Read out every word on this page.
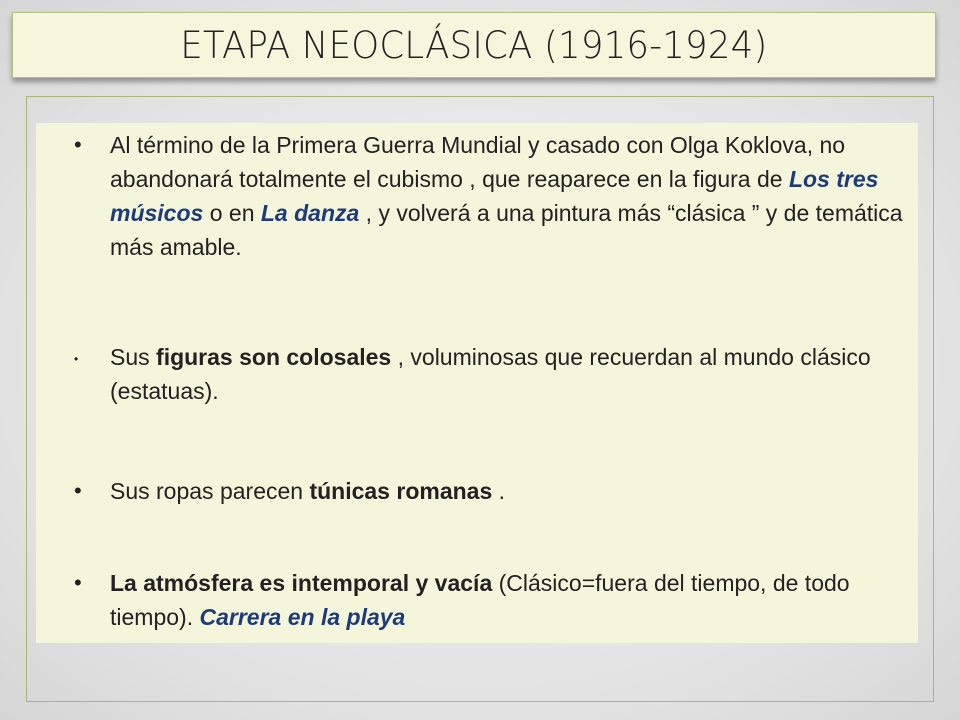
ETAPA NEOCLÁSICA (1916-1924)
•	Al término de la Primera Guerra Mundial y casado con Olga Koklova, no abandonará totalmente el cubismo , que reaparece en la figura de Los tres músicos o en La danza , y volverá a una pintura más “clásica ” y de temática más amable.
•	Sus figuras son colosales , voluminosas que recuerdan al mundo clásico (estatuas).
•	Sus ropas parecen túnicas romanas .
•	La atmósfera es intemporal y vacía (Clásico=fuera del tiempo, de todo tiempo). Carrera en la playa
